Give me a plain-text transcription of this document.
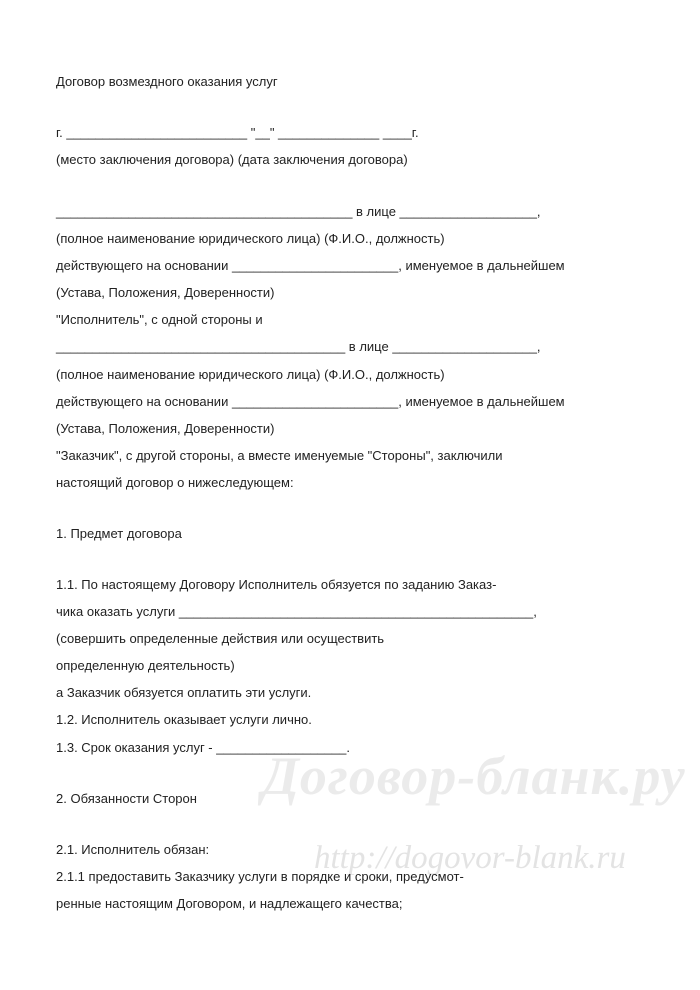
Договор-бланк.ру
http://dogovor-blank.ru

Договор возмездного оказания услуг

г. _________________________ "__" ______________ ____г.

(место заключения договора) (дата заключения договора)

_________________________________________ в лице ___________________,

(полное наименование юридического лица) (Ф.И.О., должность)

действующего на основании _______________________, именуемое в дальнейшем

(Устава, Положения, Доверенности)

"Исполнитель", с одной стороны и

________________________________________ в лице ____________________,

(полное наименование юридического лица) (Ф.И.О., должность)

действующего на основании _______________________, именуемое в дальнейшем

(Устава, Положения, Доверенности)

"Заказчик", с другой стороны, а вместе именуемые "Стороны", заключили

настоящий договор о нижеследующем:

1. Предмет договора

1.1. По настоящему Договору Исполнитель обязуется по заданию Заказ-

чика оказать услуги _________________________________________________,

(совершить определенные действия или осуществить

определенную деятельность)

а Заказчик обязуется оплатить эти услуги.

1.2. Исполнитель оказывает услуги лично.

1.3. Срок оказания услуг - __________________.

2. Обязанности Сторон

2.1. Исполнитель обязан:

2.1.1 предоставить Заказчику услуги в порядке и сроки, предусмот-

ренные настоящим Договором, и надлежащего качества;
